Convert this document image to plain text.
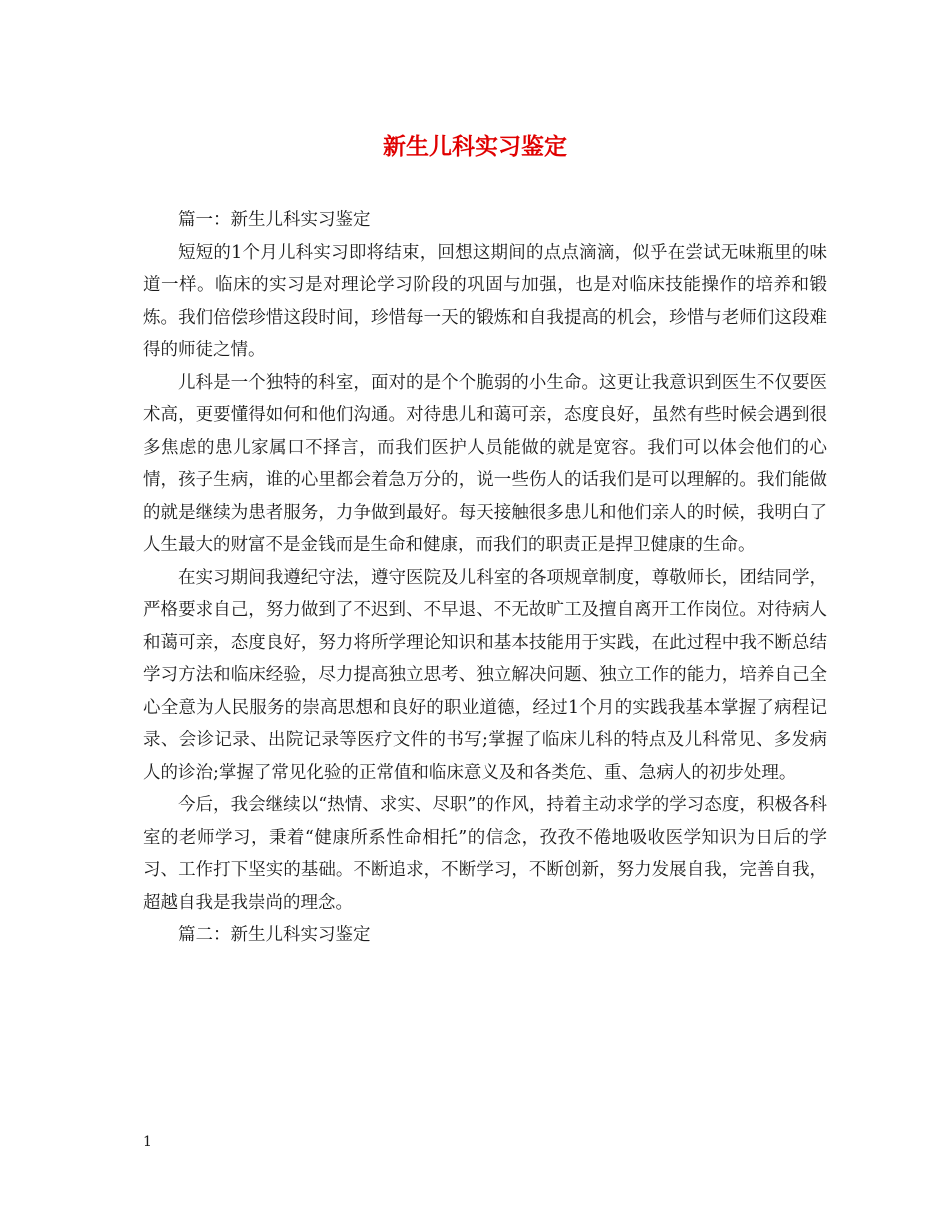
新生儿科实习鉴定

篇一：新生儿科实习鉴定

短短的1个月儿科实习即将结束，回想这期间的点点滴滴，似乎在尝试无味瓶里的味道一样。临床的实习是对理论学习阶段的巩固与加强，也是对临床技能操作的培养和锻炼。我们倍偿珍惜这段时间，珍惜每一天的锻炼和自我提高的机会，珍惜与老师们这段难得的师徒之情。

儿科是一个独特的科室，面对的是个个脆弱的小生命。这更让我意识到医生不仅要医术高，更要懂得如何和他们沟通。对待患儿和蔼可亲，态度良好，虽然有些时候会遇到很多焦虑的患儿家属口不择言，而我们医护人员能做的就是宽容。我们可以体会他们的心情，孩子生病，谁的心里都会着急万分的，说一些伤人的话我们是可以理解的。我们能做的就是继续为患者服务，力争做到最好。每天接触很多患儿和他们亲人的时候，我明白了人生最大的财富不是金钱而是生命和健康，而我们的职责正是捍卫健康的生命。

在实习期间我遵纪守法，遵守医院及儿科室的各项规章制度，尊敬师长，团结同学，严格要求自己，努力做到了不迟到、不早退、不无故旷工及擅自离开工作岗位。对待病人和蔼可亲，态度良好，努力将所学理论知识和基本技能用于实践，在此过程中我不断总结学习方法和临床经验，尽力提高独立思考、独立解决问题、独立工作的能力，培养自己全心全意为人民服务的崇高思想和良好的职业道德，经过1个月的实践我基本掌握了病程记录、会诊记录、出院记录等医疗文件的书写;掌握了临床儿科的特点及儿科常见、多发病人的诊治;掌握了常见化验的正常值和临床意义及和各类危、重、急病人的初步处理。

今后，我会继续以“热情、求实、尽职”的作风，持着主动求学的学习态度，积极各科室的老师学习，秉着“健康所系性命相托”的信念，孜孜不倦地吸收医学知识为日后的学习、工作打下坚实的基础。不断追求，不断学习，不断创新，努力发展自我，完善自我，超越自我是我崇尚的理念。

篇二：新生儿科实习鉴定

1
